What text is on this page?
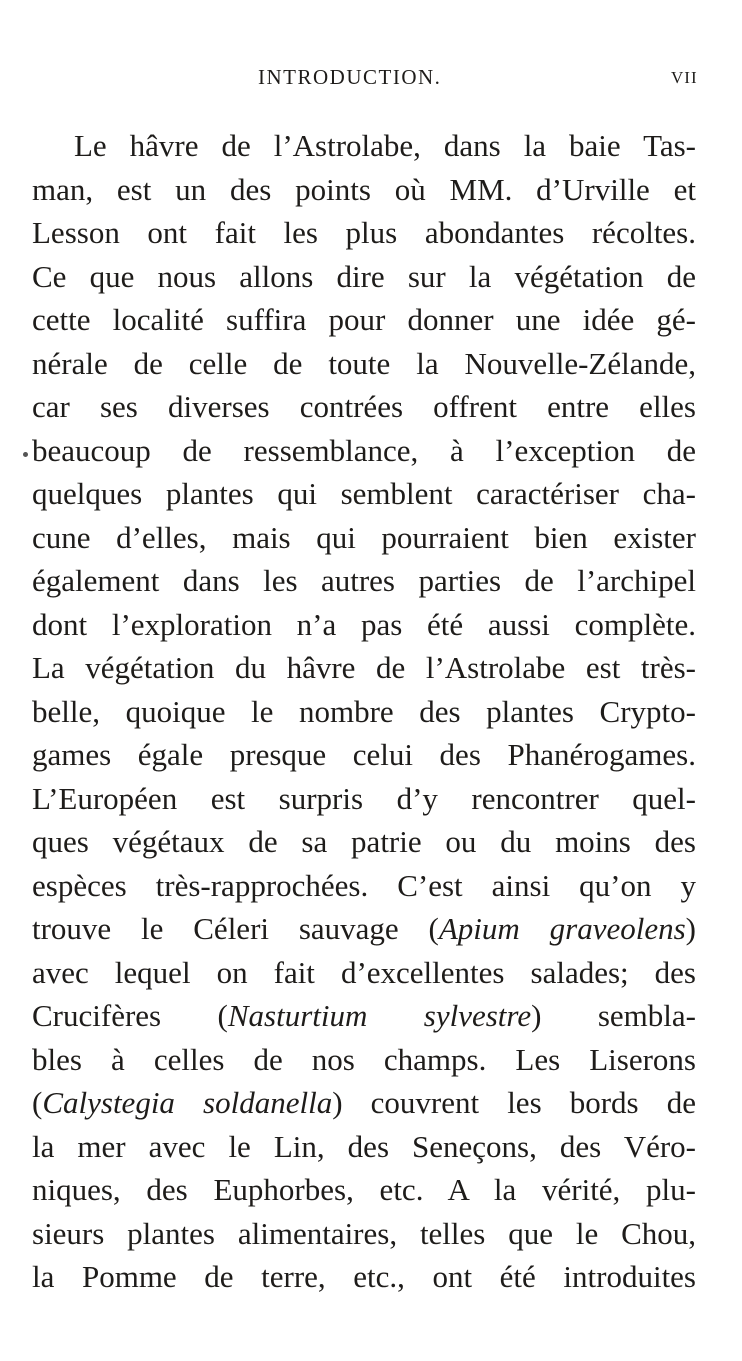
INTRODUCTION.	VII
Le hâvre de l’Astrolabe, dans la baie Tas-
man, est un des points où MM. d’Urville et
Lesson ont fait les plus abondantes récoltes.
Ce que nous allons dire sur la végétation de
cette localité suffira pour donner une idée gé-
nérale de celle de toute la Nouvelle-Zélande,
car ses diverses contrées offrent entre elles
beaucoup de ressemblance, à l’exception de
quelques plantes qui semblent caractériser cha-
cune d’elles, mais qui pourraient bien exister
également dans les autres parties de l’archipel
dont l’exploration n’a pas été aussi complète.
La végétation du hâvre de l’Astrolabe est très-
belle, quoique le nombre des plantes Crypto-
games égale presque celui des Phanérogames.
L’Européen est surpris d’y rencontrer quel-
ques végétaux de sa patrie ou du moins des
espèces très-rapprochées. C’est ainsi qu’on y
trouve le Céleri sauvage (Apium graveolens)
avec lequel on fait d’excellentes salades; des
Crucifères (Nasturtium sylvestre) sembla-
bles à celles de nos champs. Les Liserons
(Calystegia soldanella) couvrent les bords de
la mer avec le Lin, des Seneçons, des Véro-
niques, des Euphorbes, etc. A la vérité, plu-
sieurs plantes alimentaires, telles que le Chou,
la Pomme de terre, etc., ont été introduites
